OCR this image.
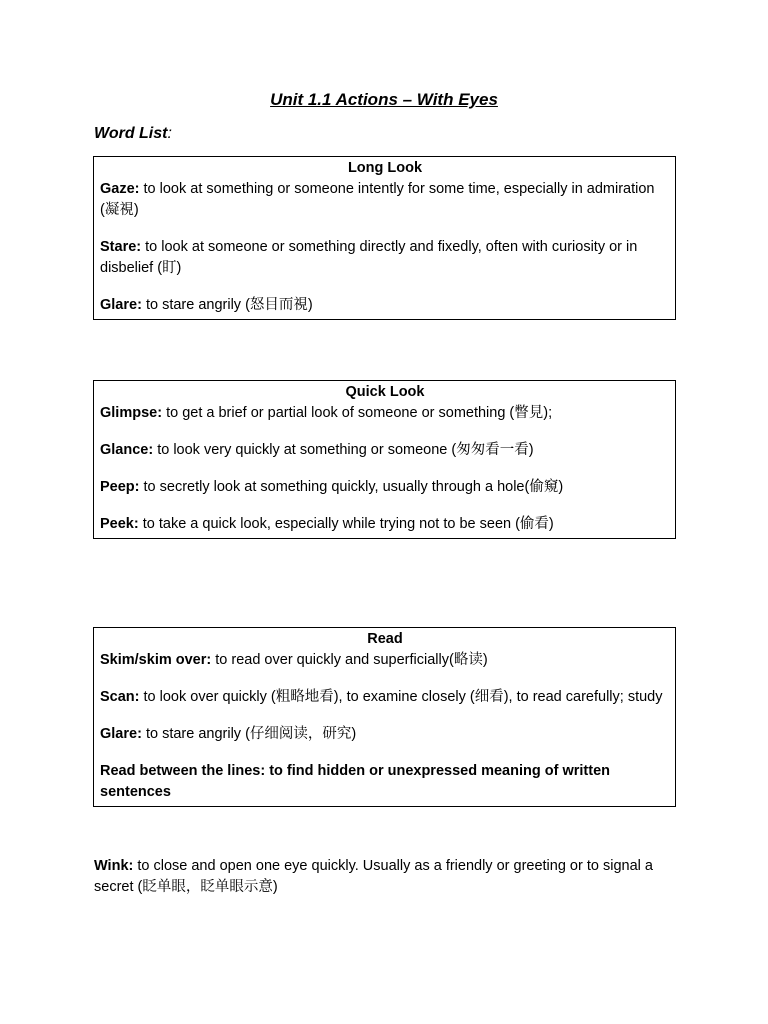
Unit 1.1 Actions – With Eyes
Word List:
Long Look
Gaze: to look at something or someone intently for some time, especially in admiration (凝視)
Stare: to look at someone or something directly and fixedly, often with curiosity or in disbelief (盯)
Glare: to stare angrily (怒目而視)
Quick Look
Glimpse: to get a brief or partial look of someone or something (瞥見);
Glance: to look very quickly at something or someone (匆匆看一看)
Peep: to secretly look at something quickly, usually through a hole(偷窺)
Peek: to take a quick look, especially while trying not to be seen (偷看)
Read
Skim/skim over: to read over quickly and superficially(略读)
Scan: to look over quickly (粗略地看), to examine closely (细看), to read carefully; study
Glare: to stare angrily (仔细阅读，研究)
Read between the lines: to find hidden or unexpressed meaning of written sentences
Wink: to close and open one eye quickly. Usually as a friendly or greeting or to signal a secret (眨单眼，眨单眼示意)
